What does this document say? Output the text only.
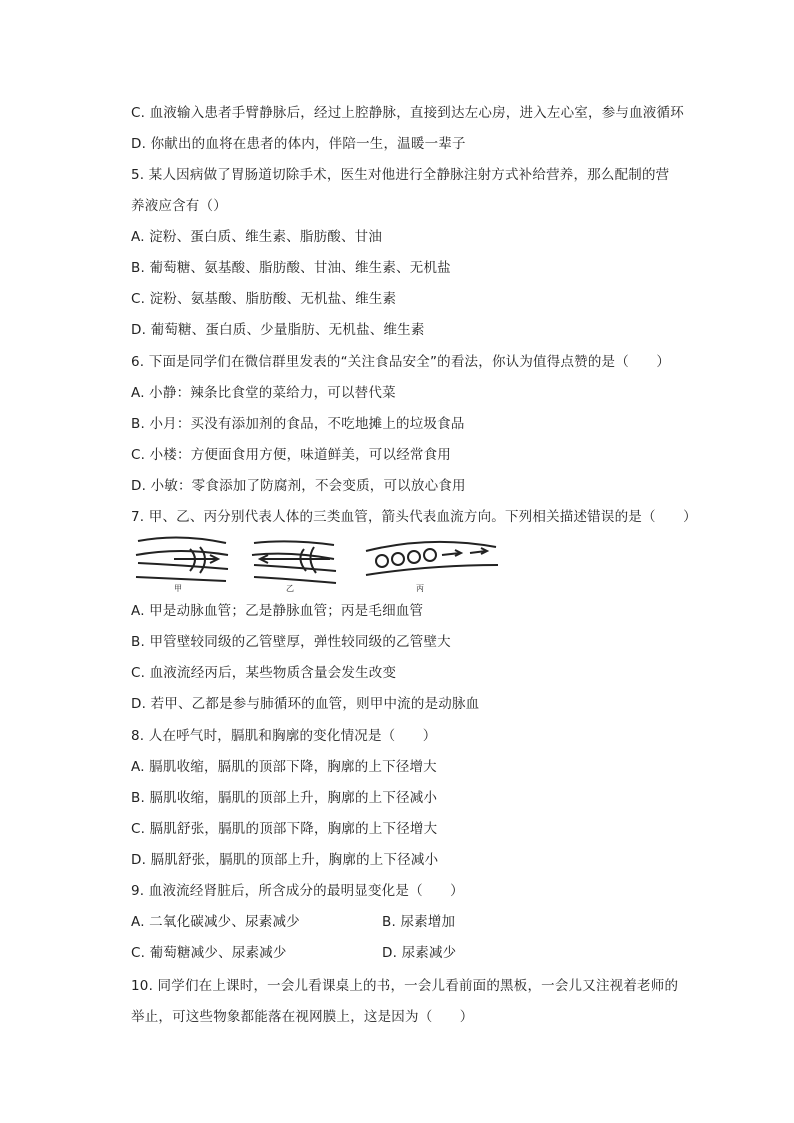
C. 血液输入患者手臂静脉后，经过上腔静脉，直接到达左心房，进入左心室，参与血液循环
D. 你献出的血将在患者的体内，伴陪一生，温暖一辈子
5. 某人因病做了胃肠道切除手术，医生对他进行全静脉注射方式补给营养，那么配制的营
养液应含有（）
A. 淀粉、蛋白质、维生素、脂肪酸、甘油
B. 葡萄糖、氨基酸、脂肪酸、甘油、维生素、无机盐
C. 淀粉、氨基酸、脂肪酸、无机盐、维生素
D. 葡萄糖、蛋白质、少量脂肪、无机盐、维生素
6. 下面是同学们在微信群里发表的“关注食品安全”的看法，你认为值得点赞的是（　　）
A. 小静：辣条比食堂的菜给力，可以替代菜
B. 小月：买没有添加剂的食品，不吃地摊上的垃圾食品
C. 小楼：方便面食用方便，味道鲜美，可以经常食用
D. 小敏：零食添加了防腐剂，不会变质，可以放心食用
7. 甲、乙、丙分别代表人体的三类血管，箭头代表血流方向。下列相关描述错误的是（　　）
甲	乙	丙
A. 甲是动脉血管；乙是静脉血管；丙是毛细血管
B. 甲管壁较同级的乙管壁厚，弹性较同级的乙管壁大
C. 血液流经丙后，某些物质含量会发生改变
D. 若甲、乙都是参与肺循环的血管，则甲中流的是动脉血
8. 人在呼气时，膈肌和胸廓的变化情况是（　　）
A. 膈肌收缩，膈肌的顶部下降，胸廓的上下径增大
B. 膈肌收缩，膈肌的顶部上升，胸廓的上下径减小
C. 膈肌舒张，膈肌的顶部下降，胸廓的上下径增大
D. 膈肌舒张，膈肌的顶部上升，胸廓的上下径减小
9. 血液流经肾脏后，所含成分的最明显变化是（　　）
A. 二氧化碳减少、尿素减少	B. 尿素增加
C. 葡萄糖减少、尿素减少	D. 尿素减少
10. 同学们在上课时，一会儿看课桌上的书，一会儿看前面的黑板，一会儿又注视着老师的
举止，可这些物象都能落在视网膜上，这是因为（　　）
